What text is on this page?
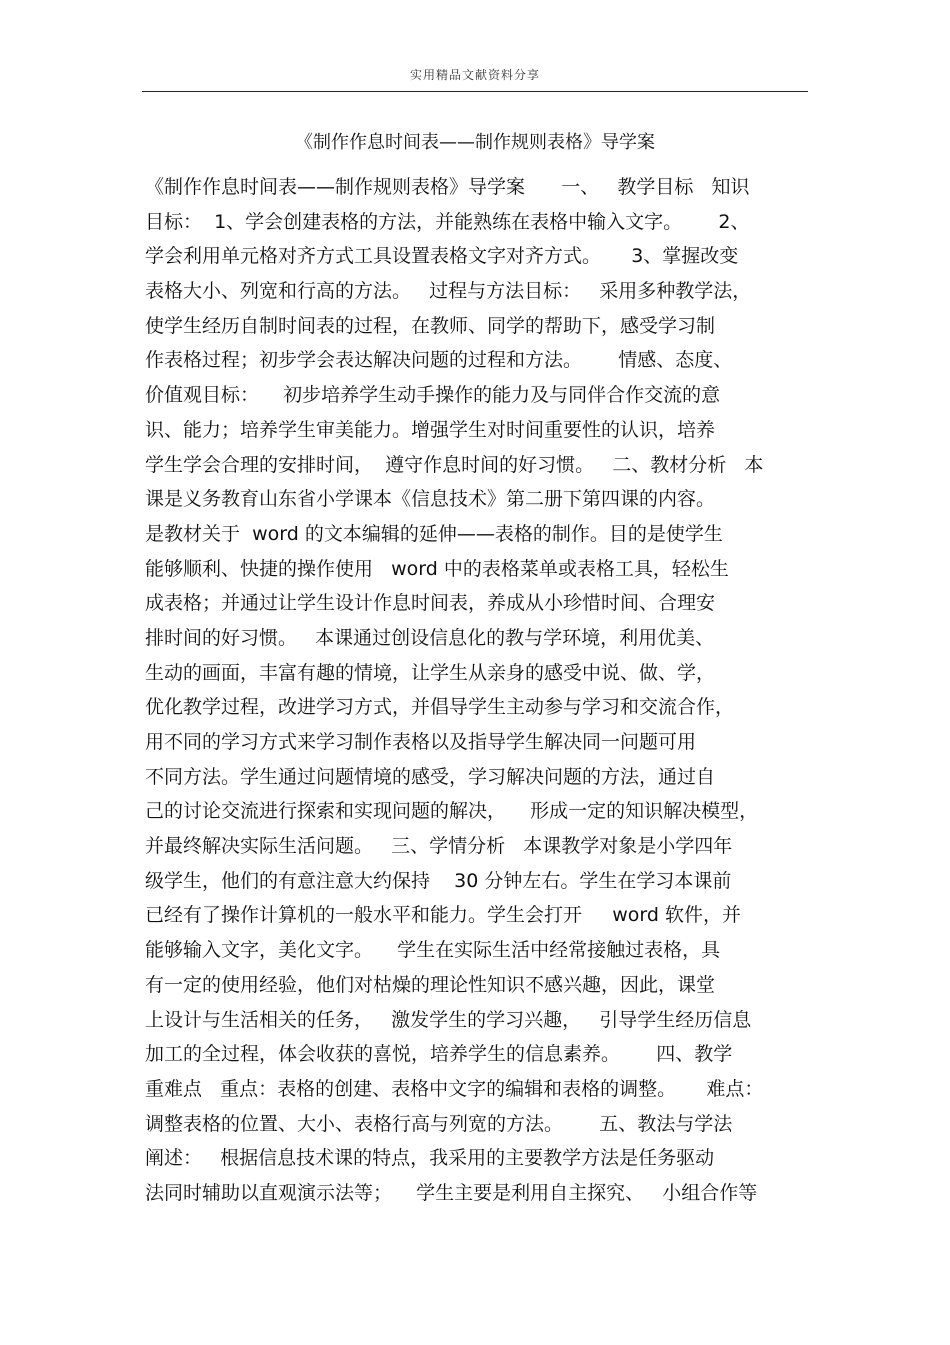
实用精品文献资料分享
《制作作息时间表——制作规则表格》导学案
《制作作息时间表——制作规则表格》导学案      一、   教学目标   知识
目标：  1、学会创建表格的方法，并能熟练在表格中输入文字。      2、
学会利用单元格对齐方式工具设置表格文字对齐方式。     3、掌握改变
表格大小、列宽和行高的方法。   过程与方法目标：   采用多种教学法，
使学生经历自制时间表的过程，在教师、同学的帮助下，感受学习制
作表格过程；初步学会表达解决问题的过程和方法。      情感、态度、
价值观目标：    初步培养学生动手操作的能力及与同伴合作交流的意
识、能力；培养学生审美能力。增强学生对时间重要性的认识，培养
学生学会合理的安排时间，  遵守作息时间的好习惯。   二、教材分析   本
课是义务教育山东省小学课本《信息技术》第二册下第四课的内容。
是教材关于  word 的文本编辑的延伸——表格的制作。目的是使学生
能够顺利、快捷的操作使用   word 中的表格菜单或表格工具，轻松生
成表格；并通过让学生设计作息时间表，养成从小珍惜时间、合理安
排时间的好习惯。   本课通过创设信息化的教与学环境，利用优美、
生动的画面，丰富有趣的情境，让学生从亲身的感受中说、做、学，
优化教学过程，改进学习方式，并倡导学生主动参与学习和交流合作，
用不同的学习方式来学习制作表格以及指导学生解决同一问题可用
不同方法。学生通过问题情境的感受，学习解决问题的方法，通过自
己的讨论交流进行探索和实现问题的解决，    形成一定的知识解决模型，
并最终解决实际生活问题。   三、学情分析   本课教学对象是小学四年
级学生，他们的有意注意大约保持    30 分钟左右。学生在学习本课前
已经有了操作计算机的一般水平和能力。学生会打开     word 软件，并
能够输入文字，美化文字。    学生在实际生活中经常接触过表格，具
有一定的使用经验，他们对枯燥的理论性知识不感兴趣，因此，课堂
上设计与生活相关的任务，   激发学生的学习兴趣，   引导学生经历信息
加工的全过程，体会收获的喜悦，培养学生的信息素养。      四、教学
重难点   重点：表格的创建、表格中文字的编辑和表格的调整。     难点：
调整表格的位置、大小、表格行高与列宽的方法。      五、教法与学法
阐述：   根据信息技术课的特点，我采用的主要教学方法是任务驱动
法同时辅助以直观演示法等；    学生主要是利用自主探究、   小组合作等
